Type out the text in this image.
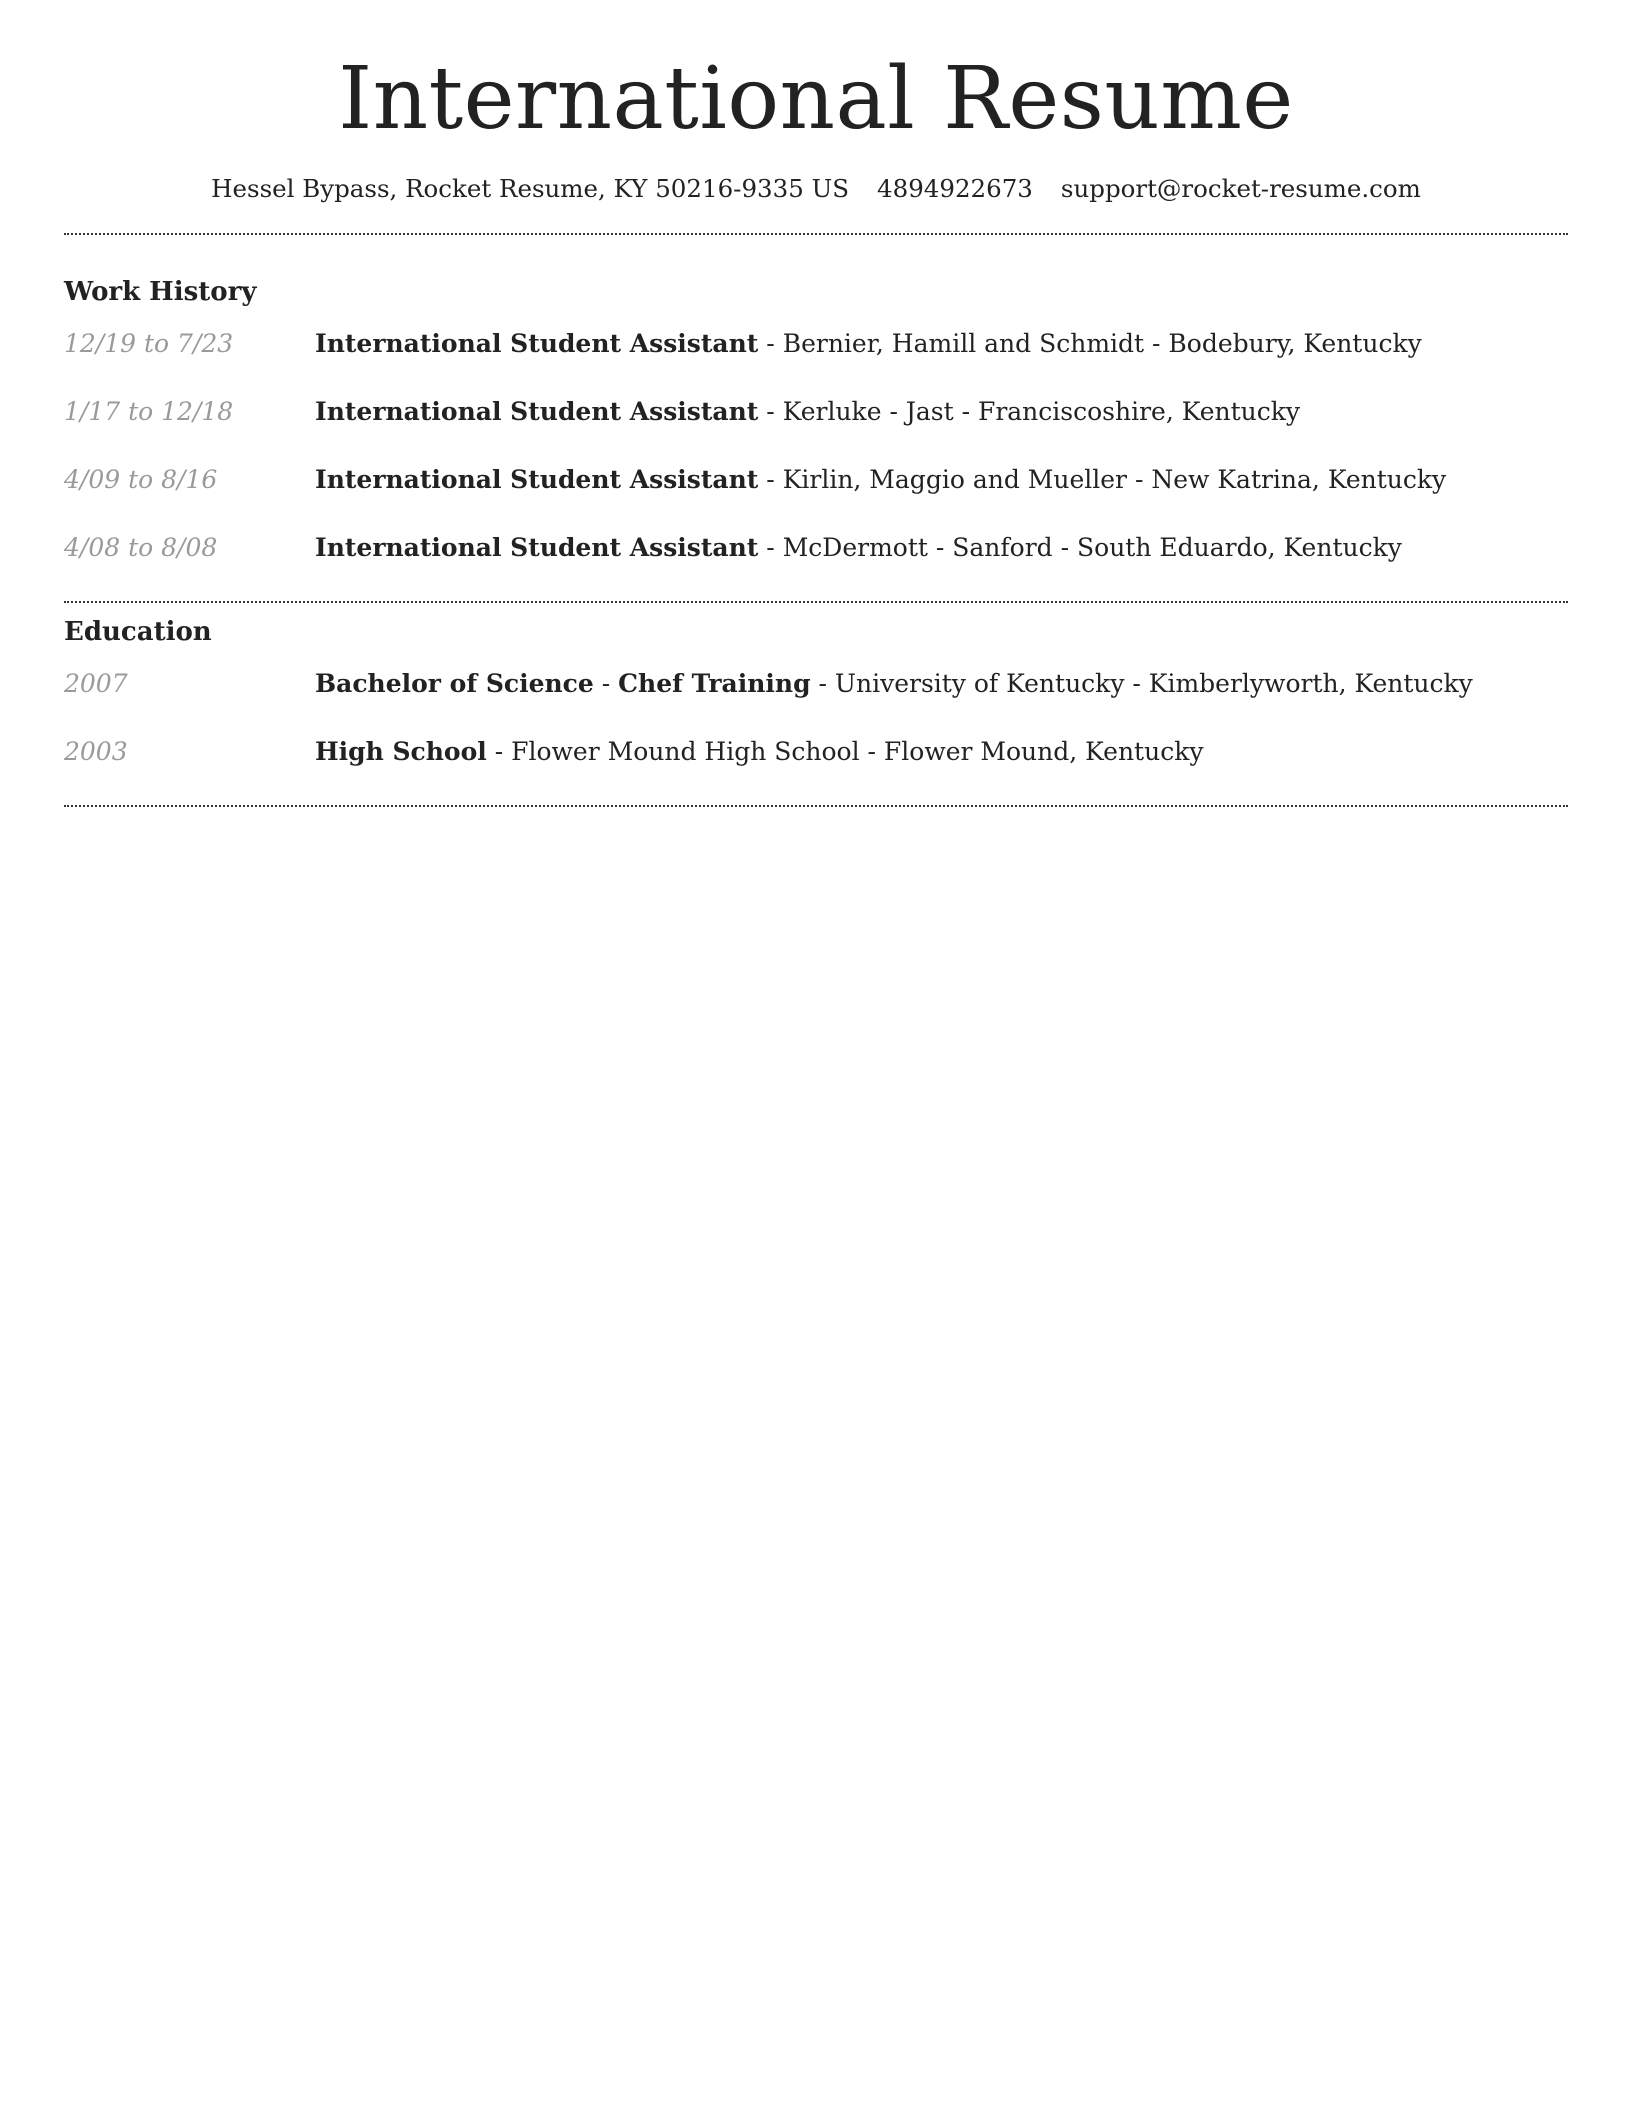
International Resume
Hessel Bypass, Rocket Resume, KY 50216-9335 US 4894922673 support@rocket-resume.com
Work History
12/19 to 7/23	International Student Assistant - Bernier, Hamill and Schmidt - Bodebury, Kentucky
1/17 to 12/18	International Student Assistant - Kerluke - Jast - Franciscoshire, Kentucky
4/09 to 8/16	International Student Assistant - Kirlin, Maggio and Mueller - New Katrina, Kentucky
4/08 to 8/08	International Student Assistant - McDermott - Sanford - South Eduardo, Kentucky
Education
2007	Bachelor of Science - Chef Training - University of Kentucky - Kimberlyworth, Kentucky
2003	High School - Flower Mound High School - Flower Mound, Kentucky
